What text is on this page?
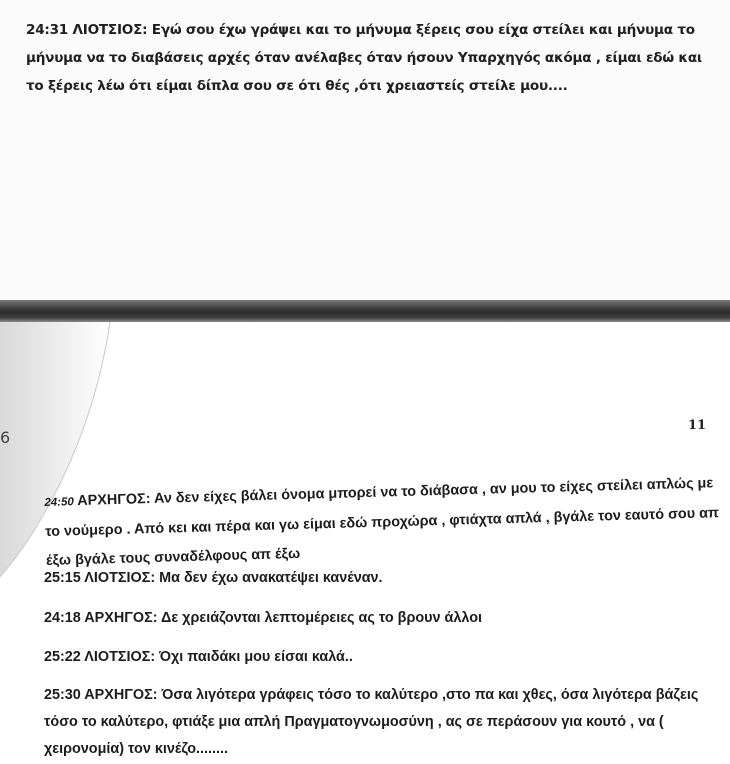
24:31 ΛΙΟΤΣΙΟΣ: Εγώ σου έχω γράψει και το μήνυμα ξέρεις σου είχα στείλει και μήνυμα το μήνυμα να το διαβάσεις αρχές όταν ανέλαβες όταν ήσουν Υπαρχηγός ακόμα , είμαι εδώ και το ξέρεις λέω ότι είμαι δίπλα σου σε ότι θές ,ότι χρειαστείς στείλε μου....
6
11
24:50 ΑΡΧΗΓΟΣ: Αν δεν είχες βάλει όνομα μπορεί να το διάβασα , αν μου το είχες στείλει απλώς με το νούμερο . Από κει και πέρα και γω είμαι εδώ προχώρα , φτιάχτα απλά , βγάλε τον εαυτό σου απ έξω βγάλε τους συναδέλφους απ έξω
25:15 ΛΙΟΤΣΙΟΣ: Μα δεν έχω ανακατέψει κανέναν.
24:18 ΑΡΧΗΓΟΣ: Δε χρειάζονται λεπτομέρειες ας το βρουν άλλοι
25:22 ΛΙΟΤΣΙΟΣ: Όχι παιδάκι μου είσαι καλά..
25:30 ΑΡΧΗΓΟΣ: Όσα λιγότερα γράφεις τόσο το καλύτερο ,στο πα και χθες, όσα λιγότερα βάζεις τόσο το καλύτερο, φτιάξε μια απλή Πραγματογνωμοσύνη , ας σε περάσουν για κουτό , να ( χειρονομία) τον κινέζο........
